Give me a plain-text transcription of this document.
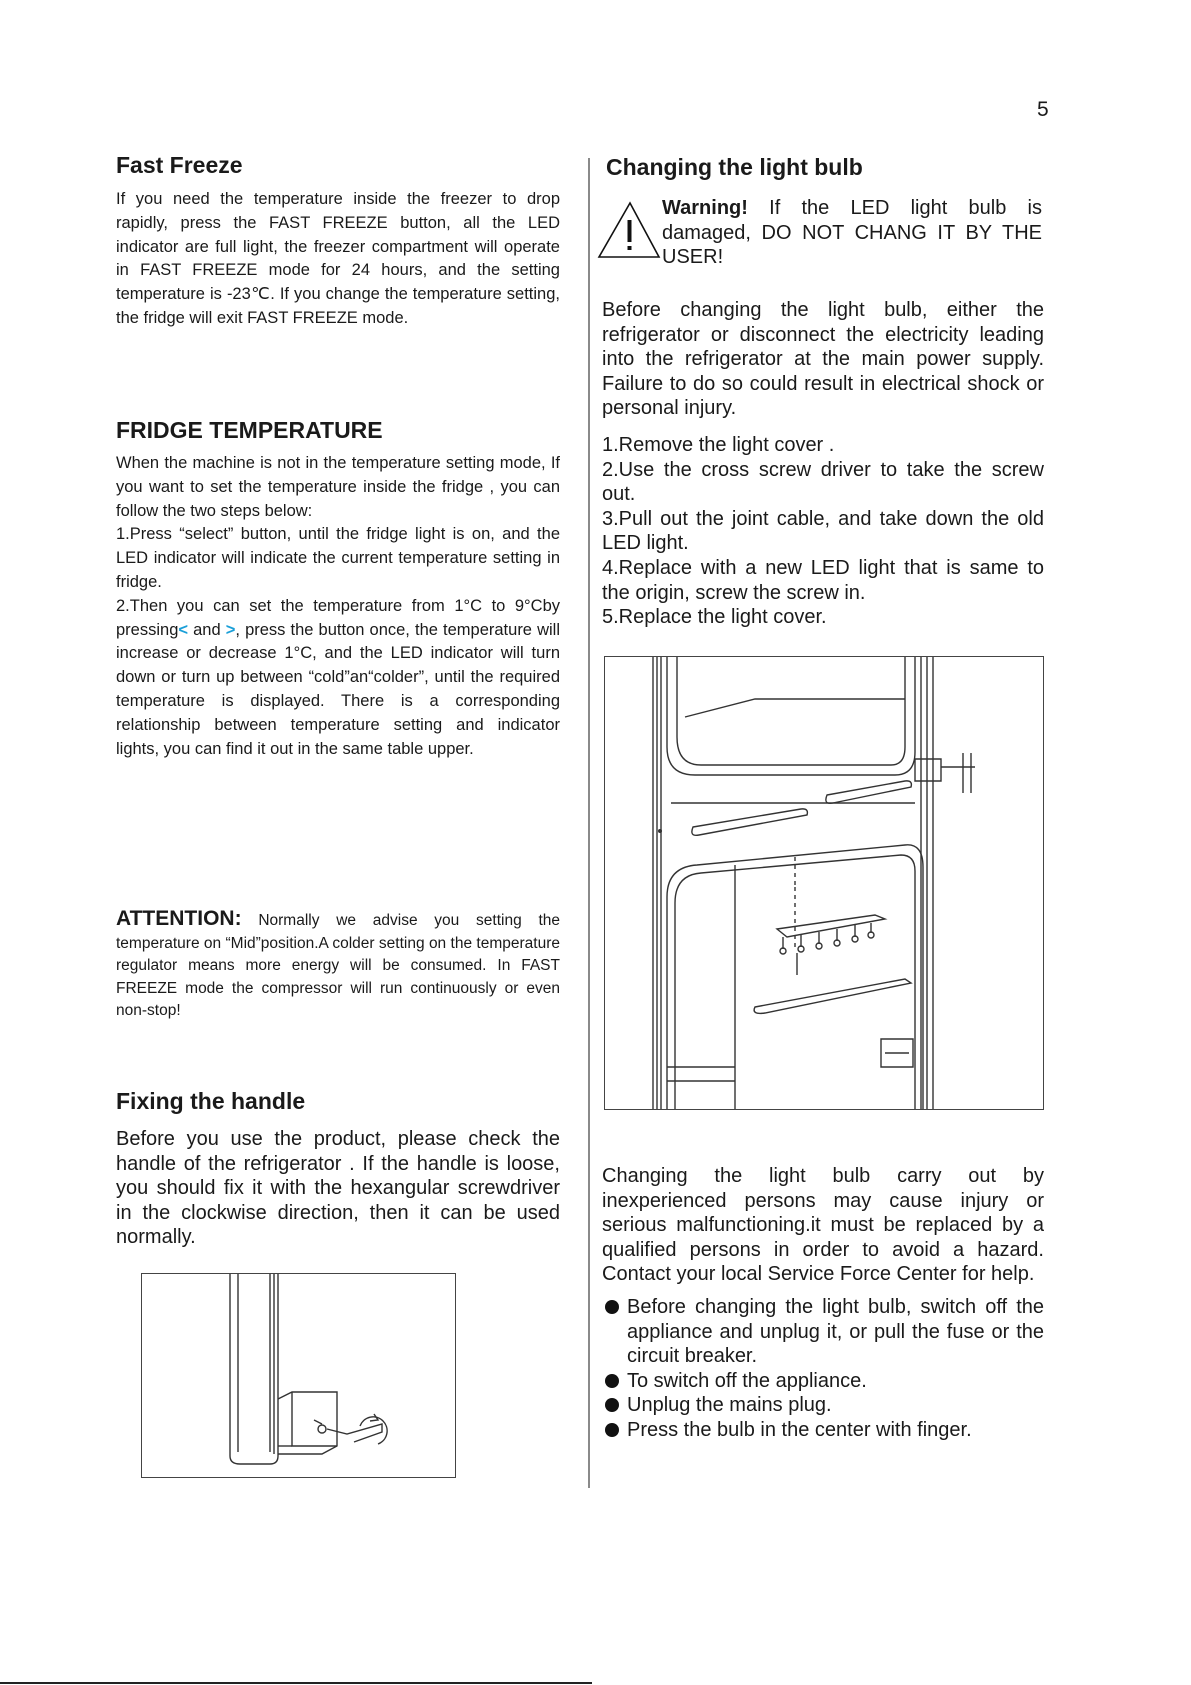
5
Fast Freeze

If you need the temperature inside the freezer to drop rapidly, press the FAST FREEZE button, all the LED indicator are full light, the freezer compartment will operate in FAST FREEZE mode for 24 hours, and the setting temperature is -23℃. If you change the temperature setting, the fridge will exit FAST FREEZE mode.

FRIDGE TEMPERATURE

When the machine is not in the temperature setting mode, If you want to set the temperature inside the fridge , you can follow the two steps below:

1.Press “select” button, until the fridge light is on, and the LED indicator will indicate the current temperature setting in fridge.

2.Then you can set the temperature from 1°C to 9°Cby pressing< and >, press the button once, the temperature will increase or decrease 1°C, and the LED indicator will turn down or turn up between “cold”an“colder”, until the required temperature is displayed. There is a corresponding relationship between temperature setting and indicator lights, you can find it out in the same table upper.

ATTENTION: Normally we advise you setting the temperature on “Mid”position.A colder setting on the temperature regulator means more energy will be consumed. In FAST FREEZE mode the compressor will run continuously or even non-stop!

Fixing the handle

Before you use the product, please check the handle of the refrigerator . If the handle is loose, you should fix it with the hexangular screwdriver in the clockwise direction, then it can be used normally.

Changing the light bulb
Warning! If the LED light bulb is damaged, DO NOT CHANG IT BY THE USER!

Before changing the light bulb, either the refrigerator or disconnect the electricity leading into the refrigerator at the main power supply. Failure to do so could result in electrical shock or personal injury.

1.Remove the light cover .

2.Use the cross screw driver to take the screw out.

3.Pull out the joint cable, and take down the old LED light.

4.Replace with a new LED light that is same to the origin, screw the screw in.

5.Replace the light cover.

Changing the light bulb carry out by inexperienced persons may cause injury or serious malfunctioning.it must be replaced by a qualified persons in order to avoid a hazard. Contact your local Service Force Center for help.

Before changing the light bulb, switch off the appliance and unplug it, or pull the fuse or the circuit breaker.
To switch off the appliance.
Unplug the mains plug.
Press the bulb in the center with finger.
